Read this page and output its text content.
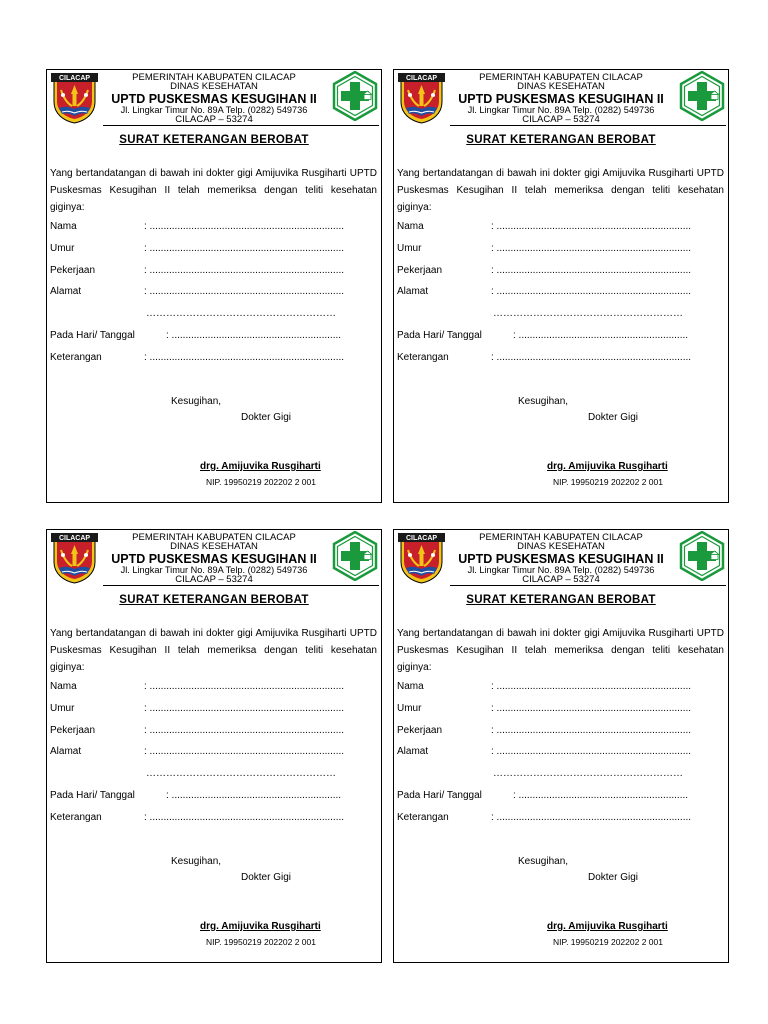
CILACAP	PEMERINTAH KABUPATEN CILACAP
DINAS KESEHATAN
UPTD PUSKESMAS KESUGIHAN II
Jl. Lingkar Timur No. 89A Telp. (0282) 549736
CILACAP – 53274
SURAT KETERANGAN BEROBAT
Yang bertandatangan di bawah ini dokter gigi Amijuvika Rusgiharti UPTD Puskesmas Kesugihan II telah memeriksa dengan teliti kesehatan giginya:
Nama	: ......................................................................
Umur	: ......................................................................
Pekerjaan	: ......................................................................
Alamat	: ......................................................................
…………………………………………………
Pada Hari/ Tanggal	: .............................................................
Keterangan	: ......................................................................
Kesugihan,
Dokter Gigi
drg. Amijuvika Rusgiharti
NIP. 19950219 202202 2 001
CILACAP	PEMERINTAH KABUPATEN CILACAP
DINAS KESEHATAN
UPTD PUSKESMAS KESUGIHAN II
Jl. Lingkar Timur No. 89A Telp. (0282) 549736
CILACAP – 53274
SURAT KETERANGAN BEROBAT
Yang bertandatangan di bawah ini dokter gigi Amijuvika Rusgiharti UPTD Puskesmas Kesugihan II telah memeriksa dengan teliti kesehatan giginya:
Nama	: ......................................................................
Umur	: ......................................................................
Pekerjaan	: ......................................................................
Alamat	: ......................................................................
…………………………………………………
Pada Hari/ Tanggal	: .............................................................
Keterangan	: ......................................................................
Kesugihan,
Dokter Gigi
drg. Amijuvika Rusgiharti
NIP. 19950219 202202 2 001
CILACAP	PEMERINTAH KABUPATEN CILACAP
DINAS KESEHATAN
UPTD PUSKESMAS KESUGIHAN II
Jl. Lingkar Timur No. 89A Telp. (0282) 549736
CILACAP – 53274
SURAT KETERANGAN BEROBAT
Yang bertandatangan di bawah ini dokter gigi Amijuvika Rusgiharti UPTD Puskesmas Kesugihan II telah memeriksa dengan teliti kesehatan giginya:
Nama	: ......................................................................
Umur	: ......................................................................
Pekerjaan	: ......................................................................
Alamat	: ......................................................................
…………………………………………………
Pada Hari/ Tanggal	: .............................................................
Keterangan	: ......................................................................
Kesugihan,
Dokter Gigi
drg. Amijuvika Rusgiharti
NIP. 19950219 202202 2 001
CILACAP	PEMERINTAH KABUPATEN CILACAP
DINAS KESEHATAN
UPTD PUSKESMAS KESUGIHAN II
Jl. Lingkar Timur No. 89A Telp. (0282) 549736
CILACAP – 53274
SURAT KETERANGAN BEROBAT
Yang bertandatangan di bawah ini dokter gigi Amijuvika Rusgiharti UPTD Puskesmas Kesugihan II telah memeriksa dengan teliti kesehatan giginya:
Nama	: ......................................................................
Umur	: ......................................................................
Pekerjaan	: ......................................................................
Alamat	: ......................................................................
…………………………………………………
Pada Hari/ Tanggal	: .............................................................
Keterangan	: ......................................................................
Kesugihan,
Dokter Gigi
drg. Amijuvika Rusgiharti
NIP. 19950219 202202 2 001
